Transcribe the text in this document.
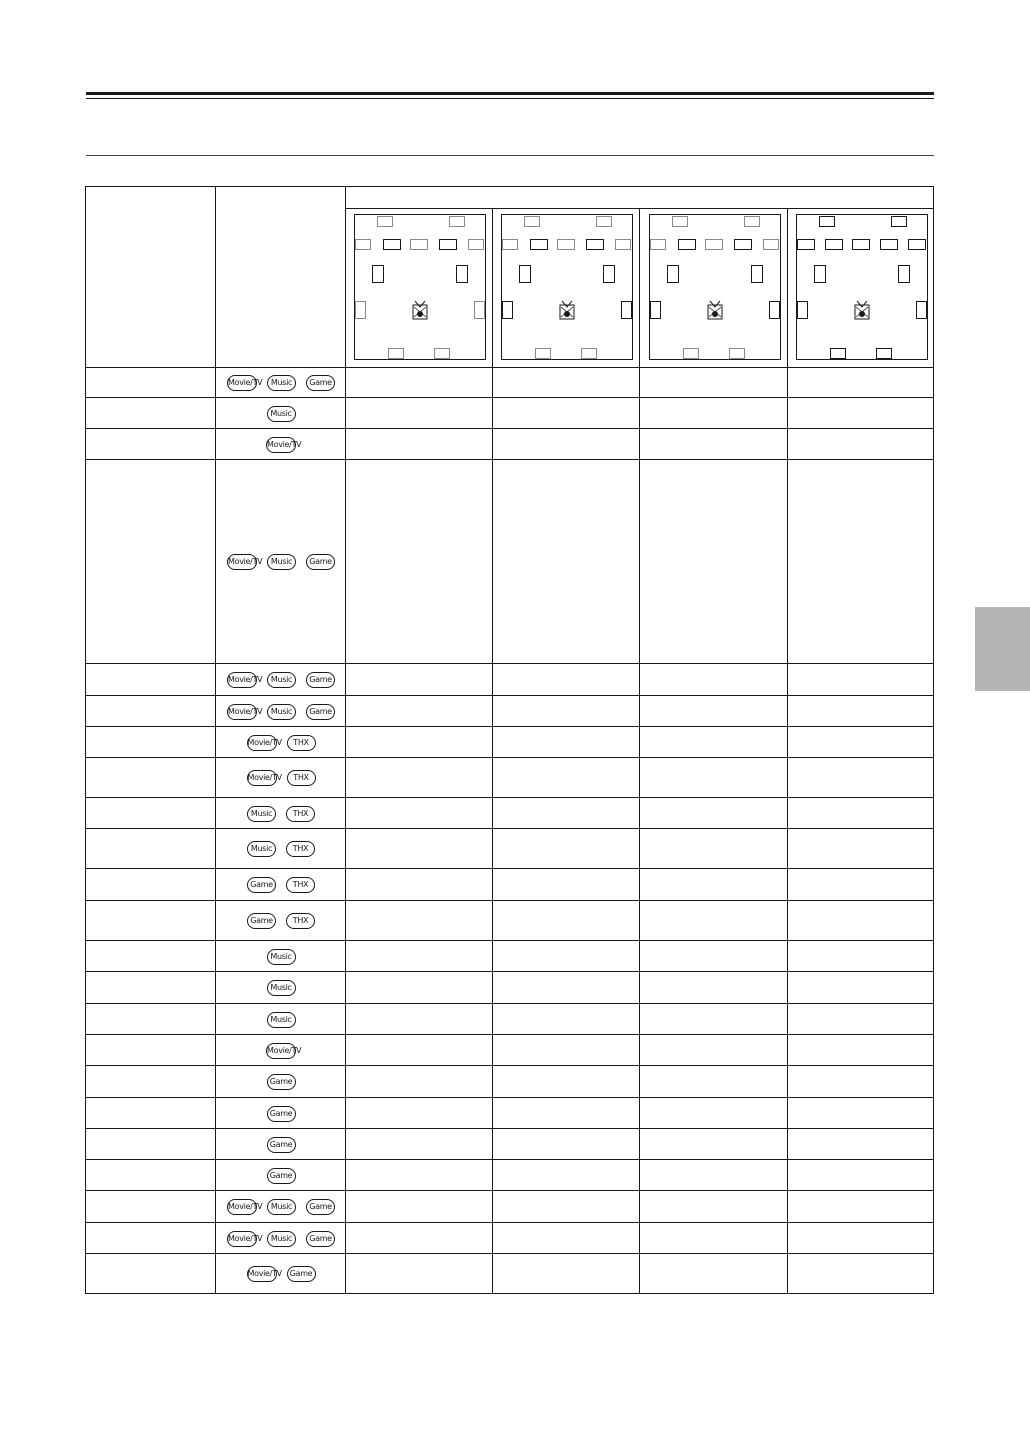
Movie/TV	Music	Game
Music
Movie/TV
Movie/TV	Music	Game
Movie/TV	Music	Game
Movie/TV	Music	Game
Movie/TV	THX
Movie/TV	THX
Music	THX
Music	THX
Game	THX
Game	THX
Music
Music
Music
Movie/TV
Game
Game
Game
Game
Movie/TV	Music	Game
Movie/TV	Music	Game
Movie/TV Game
